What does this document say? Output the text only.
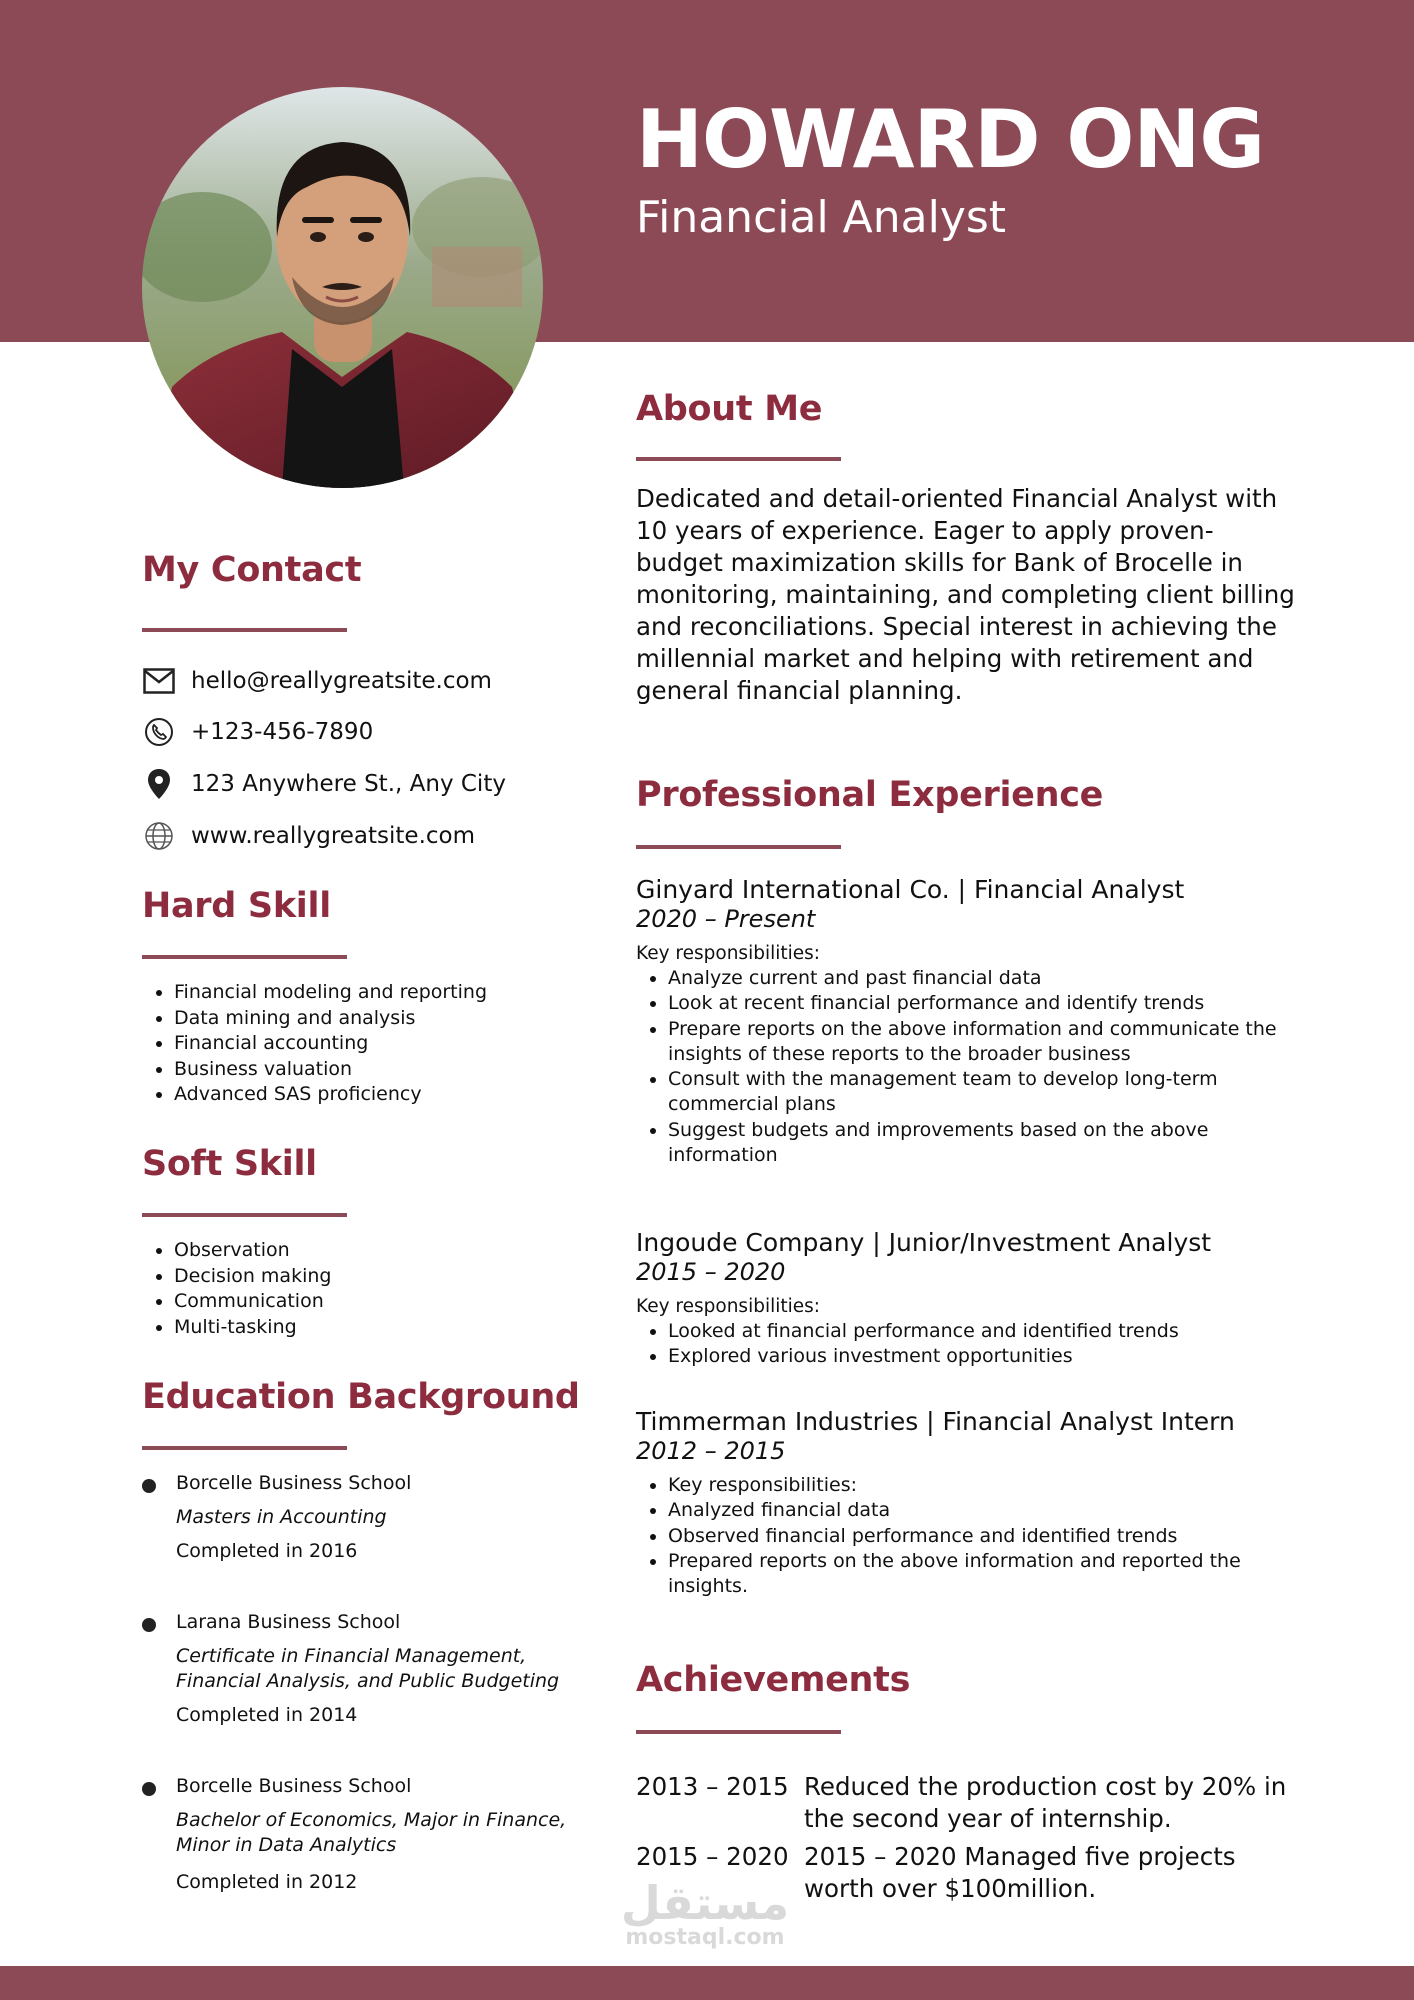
HOWARD ONG
Financial Analyst
My Contact
hello@reallygreatsite.com
+123-456-7890
123 Anywhere St., Any City
www.reallygreatsite.com
Hard Skill
• Financial modeling and reporting
• Data mining and analysis
• Financial accounting
• Business valuation
• Advanced SAS proficiency
Soft Skill
• Observation
• Decision making
• Communication
• Multi-tasking
Education Background
Borcelle Business School
Masters in Accounting
Completed in 2016
Larana Business School
Certificate in Financial Management,
Financial Analysis, and Public Budgeting
Completed in 2014
Borcelle Business School
Bachelor of Economics, Major in Finance,
Minor in Data Analytics
Completed in 2012
About Me
Dedicated and detail-oriented Financial Analyst with 10 years of experience. Eager to apply proven-budget maximization skills for Bank of Brocelle in monitoring, maintaining, and completing client billing and reconciliations. Special interest in achieving the millennial market and helping with retirement and general financial planning.
Professional Experience
Ginyard International Co. | Financial Analyst
2020 – Present
Key responsibilities:
• Analyze current and past financial data
• Look at recent financial performance and identify trends
• Prepare reports on the above information and communicate the insights of these reports to the broader business
• Consult with the management team to develop long-term commercial plans
• Suggest budgets and improvements based on the above information
Ingoude Company | Junior/Investment Analyst
2015 – 2020
Key responsibilities:
• Looked at financial performance and identified trends
• Explored various investment opportunities
Timmerman Industries | Financial Analyst Intern
2012 – 2015
• Key responsibilities:
• Analyzed financial data
• Observed financial performance and identified trends
• Prepared reports on the above information and reported the insights.
Achievements
2013 – 2015 Reduced the production cost by 20% in the second year of internship.
2015 – 2020 2015 – 2020 Managed five projects worth over $100million.
مستقل
mostaql.com
